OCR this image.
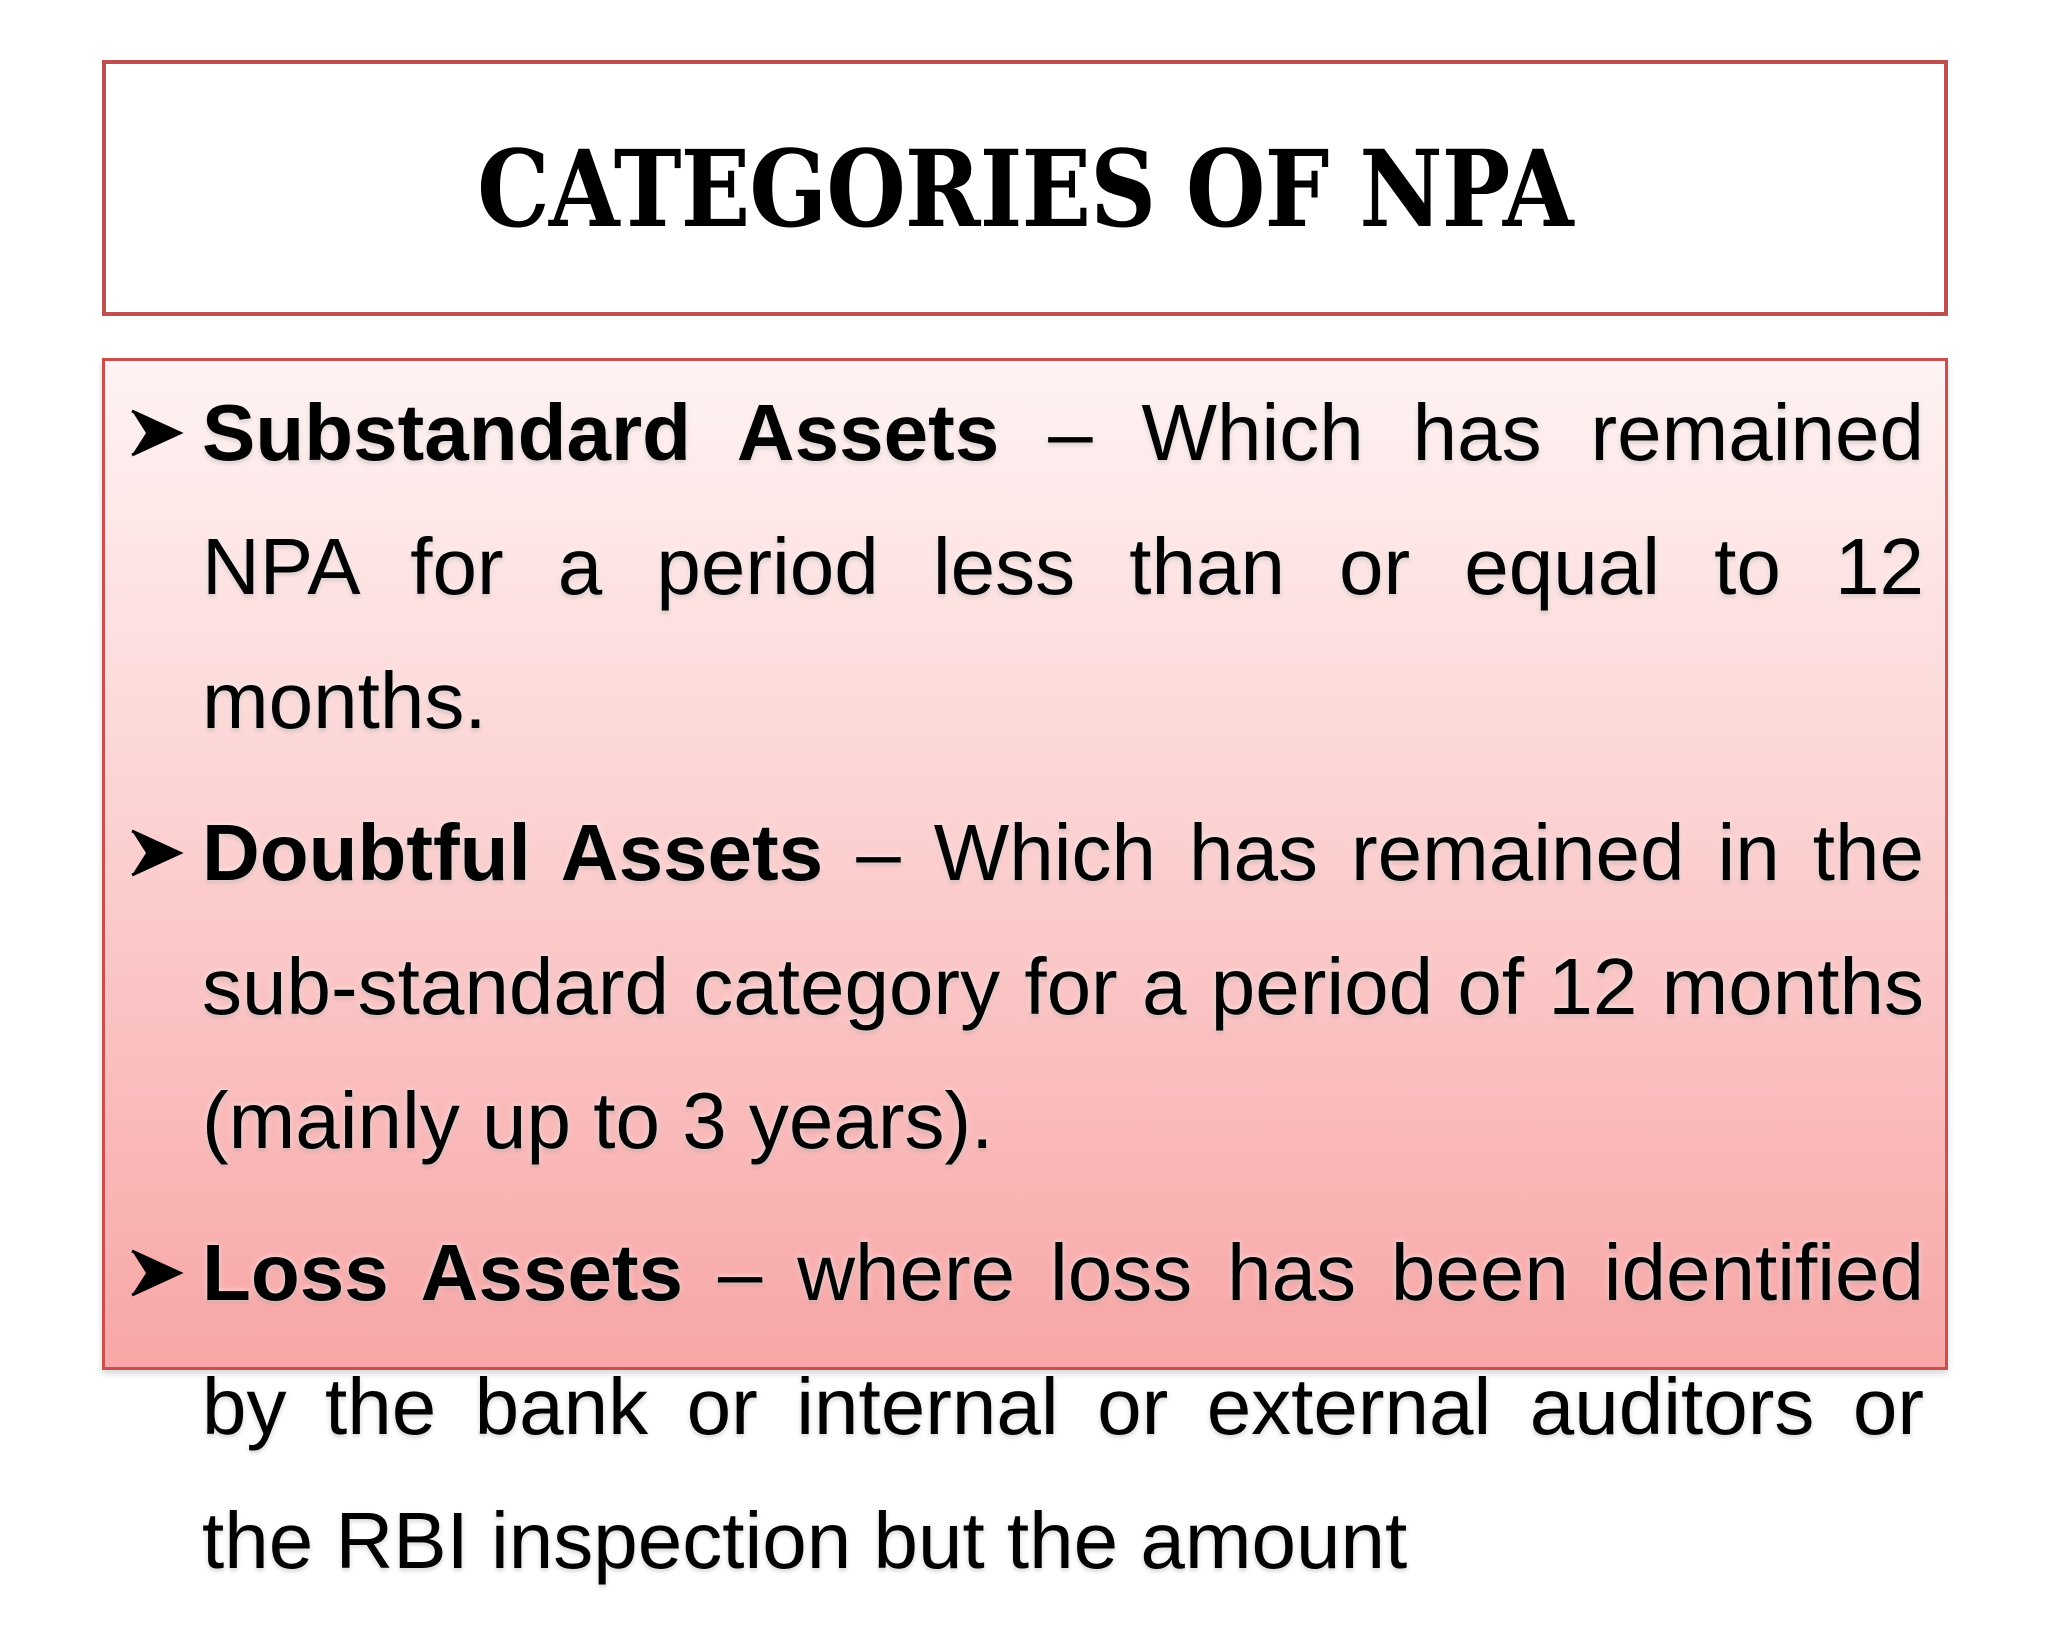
CATEGORIES OF NPA
Substandard Assets – Which has remained NPA for a period less than or equal to 12 months.
Doubtful Assets – Which has remained in the sub-standard category for a period of 12 months (mainly up to 3 years).
Loss Assets – where loss has been identified by the bank or internal or external auditors or the RBI inspection but the amount
